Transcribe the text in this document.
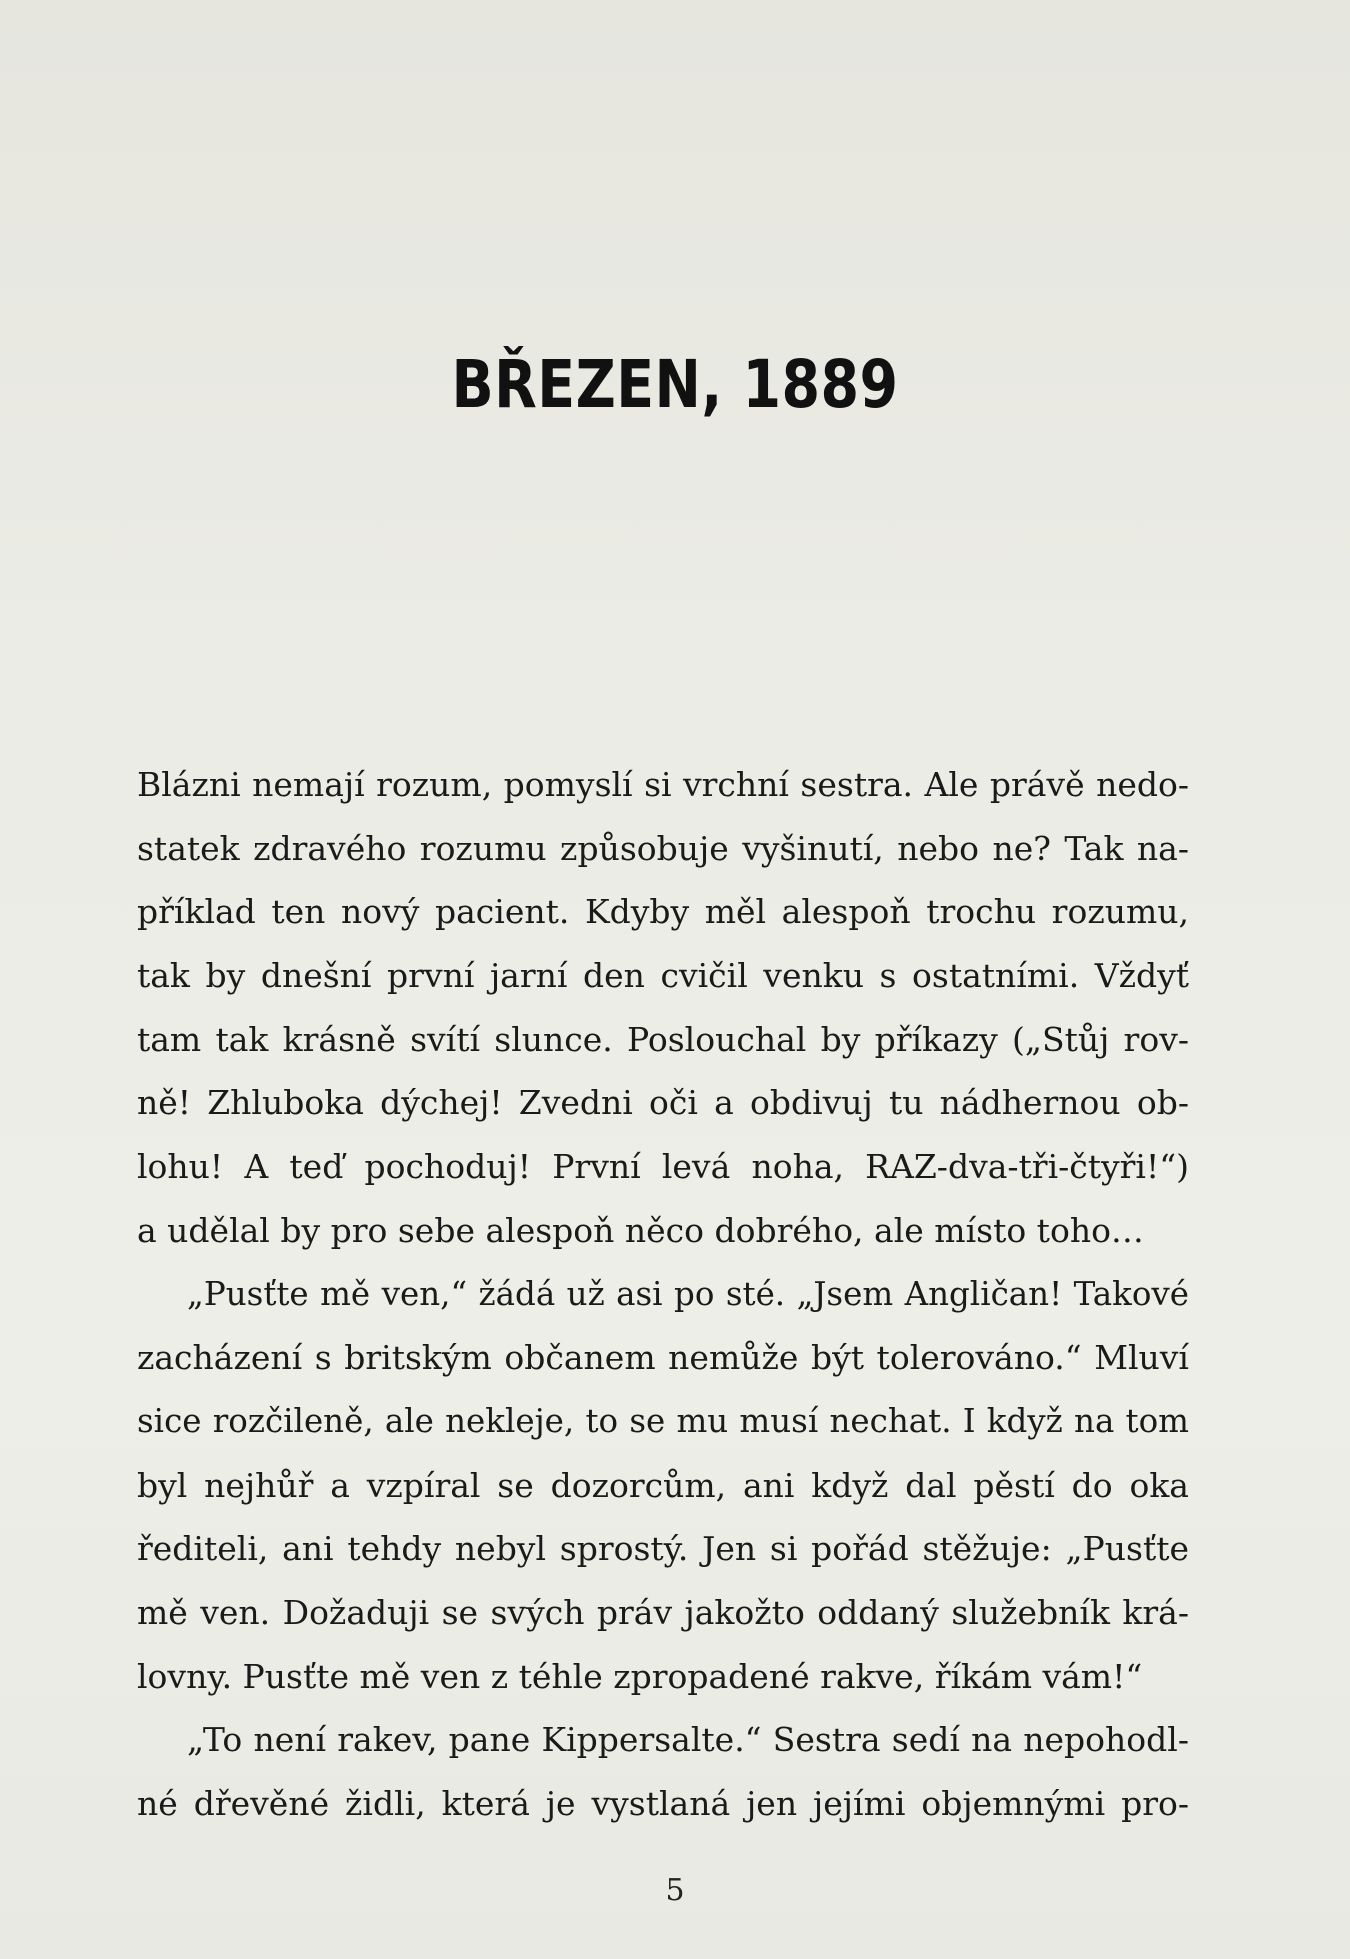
BŘEZEN, 1889
Blázni nemají rozum, pomyslí si vrchní sestra. Ale právě nedo-
statek zdravého rozumu způsobuje vyšinutí, nebo ne? Tak na-
příklad ten nový pacient. Kdyby měl alespoň trochu rozumu,
tak by dnešní první jarní den cvičil venku s ostatními. Vždyť
tam tak krásně svítí slunce. Poslouchal by příkazy („Stůj rov-
ně! Zhluboka dýchej! Zvedni oči a obdivuj tu nádhernou ob-
lohu! A teď pochoduj! První levá noha, RAZ-dva-tři-čtyři!“)
a udělal by pro sebe alespoň něco dobrého, ale místo toho…
„Pusťte mě ven,“ žádá už asi po sté. „Jsem Angličan! Takové
zacházení s britským občanem nemůže být tolerováno.“ Mluví
sice rozčileně, ale nekleje, to se mu musí nechat. I když na tom
byl nejhůř a vzpíral se dozorcům, ani když dal pěstí do oka
řediteli, ani tehdy nebyl sprostý. Jen si pořád stěžuje: „Pusťte
mě ven. Dožaduji se svých práv jakožto oddaný služebník krá-
lovny. Pusťte mě ven z téhle zpropadené rakve, říkám vám!“
„To není rakev, pane Kippersalte.“ Sestra sedí na nepohodl-
né dřevěné židli, která je vystlaná jen jejími objemnými pro-
5
